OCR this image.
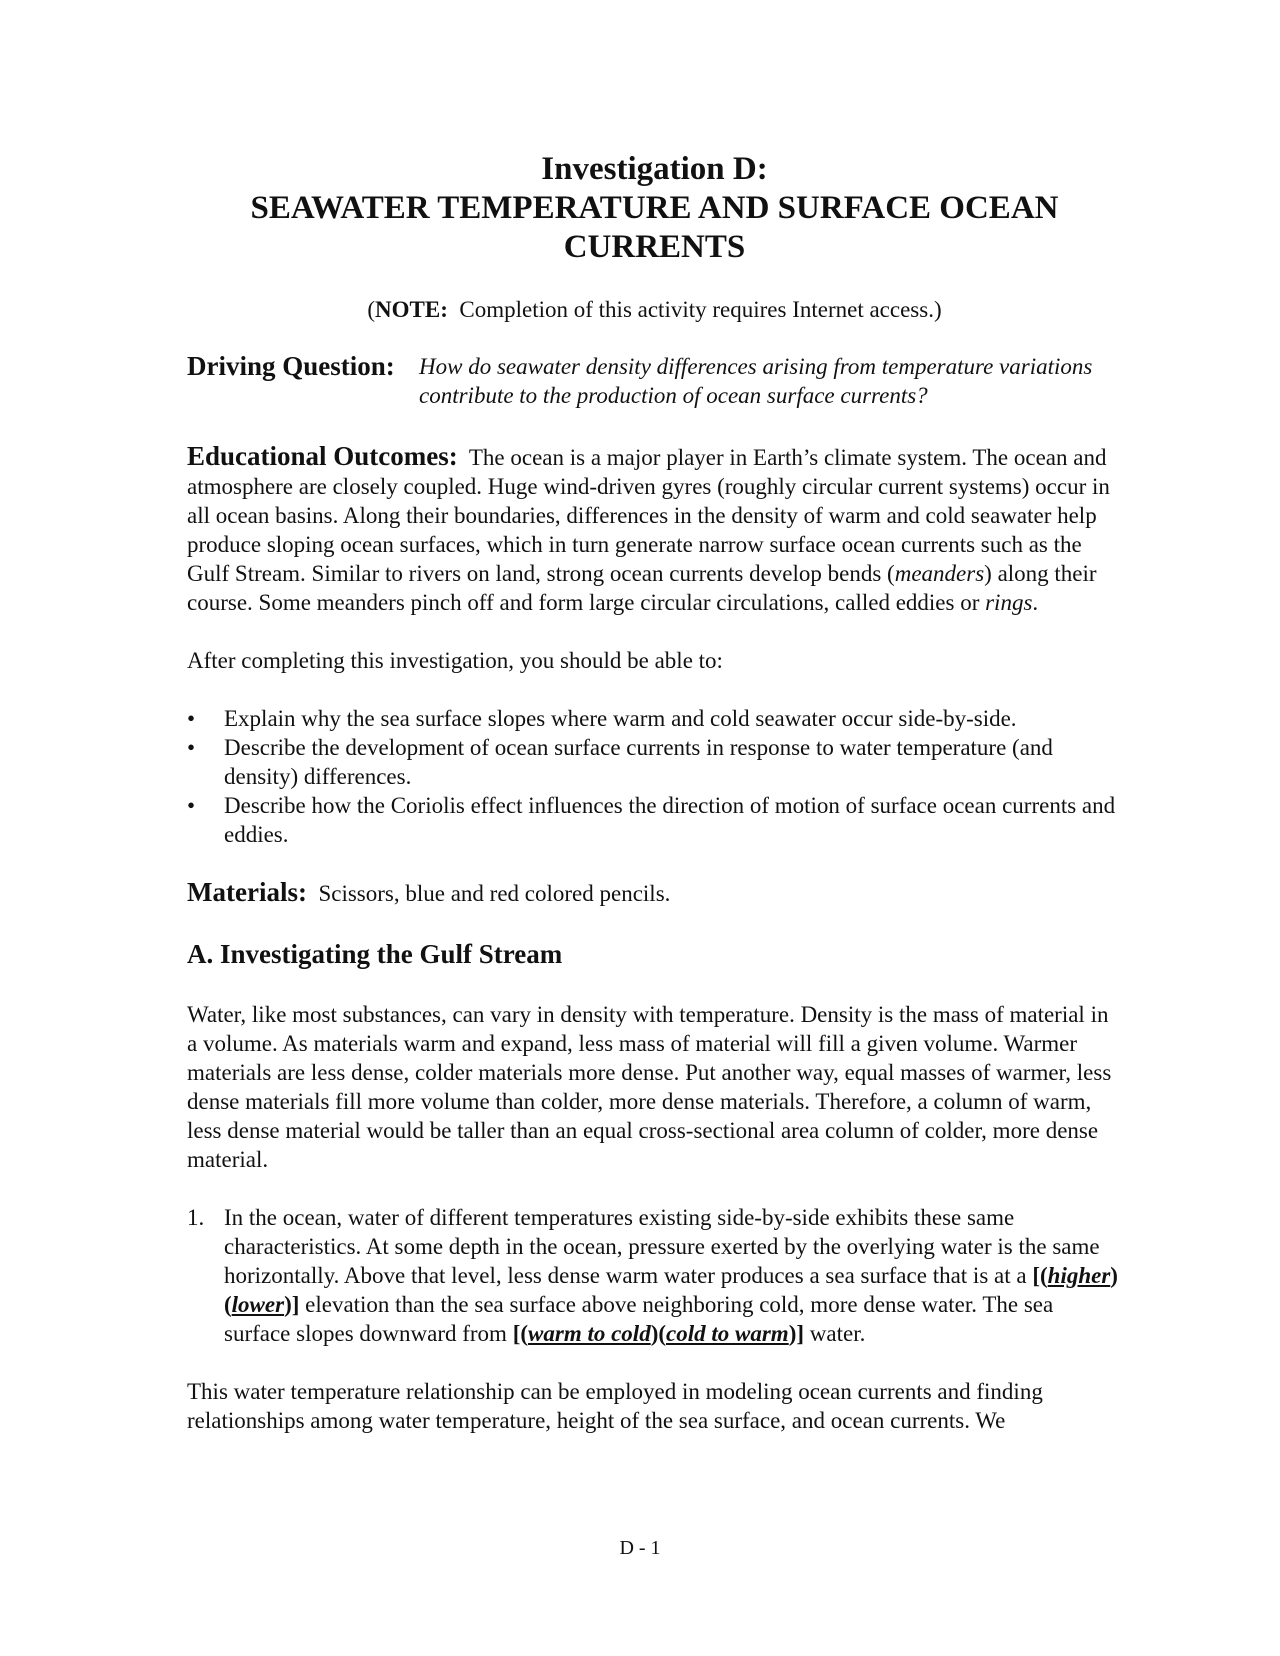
Investigation D:

SEAWATER TEMPERATURE AND SURFACE OCEAN CURRENTS

(NOTE:  Completion of this activity requires Internet access.)

Driving Question:	How do seawater density differences arising from temperature variations contribute to the production of ocean surface currents?

Educational Outcomes: The ocean is a major player in Earth’s climate system. The ocean and atmosphere are closely coupled. Huge wind-driven gyres (roughly circular current systems) occur in all ocean basins. Along their boundaries, differences in the density of warm and cold seawater help produce sloping ocean surfaces, which in turn generate narrow surface ocean currents such as the Gulf Stream. Similar to rivers on land, strong ocean currents develop bends (meanders) along their course. Some meanders pinch off and form large circular circulations, called eddies or rings.

After completing this investigation, you should be able to:

• Explain why the sea surface slopes where warm and cold seawater occur side-by-side.
• Describe the development of ocean surface currents in response to water temperature (and density) differences.
• Describe how the Coriolis effect influences the direction of motion of surface ocean currents and eddies.

Materials: Scissors, blue and red colored pencils.

A. Investigating the Gulf Stream

Water, like most substances, can vary in density with temperature. Density is the mass of material in a volume. As materials warm and expand, less mass of material will fill a given volume. Warmer materials are less dense, colder materials more dense. Put another way, equal masses of warmer, less dense materials fill more volume than colder, more dense materials. Therefore, a column of warm, less dense material would be taller than an equal cross-sectional area column of colder, more dense material.

1. In the ocean, water of different temperatures existing side-by-side exhibits these same characteristics. At some depth in the ocean, pressure exerted by the overlying water is the same horizontally. Above that level, less dense warm water produces a sea surface that is at a [(higher)(lower)] elevation than the sea surface above neighboring cold, more dense water. The sea surface slopes downward from [(warm to cold)(cold to warm)] water.

This water temperature relationship can be employed in modeling ocean currents and finding relationships among water temperature, height of the sea surface, and ocean currents. We

D - 1
